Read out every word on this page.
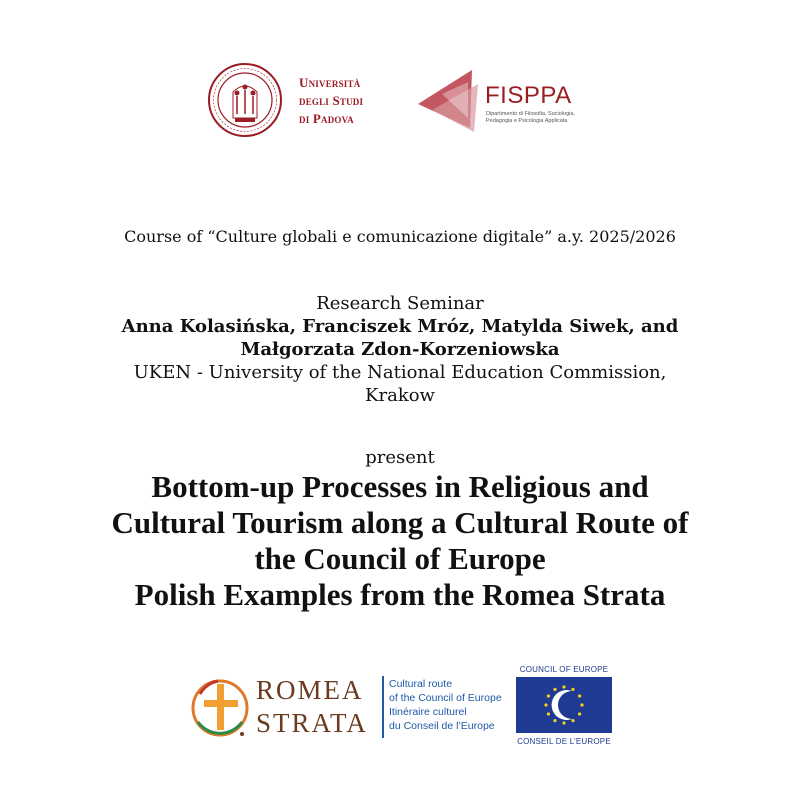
Università
degli Studi
di Padova
FISPPA
Dipartimento di Filosofia, Sociologia, Pedagogia e Psicologia Applicata
Course of “Culture globali e comunicazione digitale” a.y. 2025/2026
Research Seminar
Anna Kolasińska, Franciszek Mróz, Matylda Siwek, and
Małgorzata Zdon-Korzeniowska
UKEN - University of the National Education Commission,
Krakow
present
Bottom-up Processes in Religious and
Cultural Tourism along a Cultural Route of
the Council of Europe
Polish Examples from the Romea Strata
ROMEA
STRATA
Cultural route
of the Council of Europe
Itinéraire culturel
du Conseil de l’Europe
COUNCIL OF EUROPE
CONSEIL DE L’EUROPE
